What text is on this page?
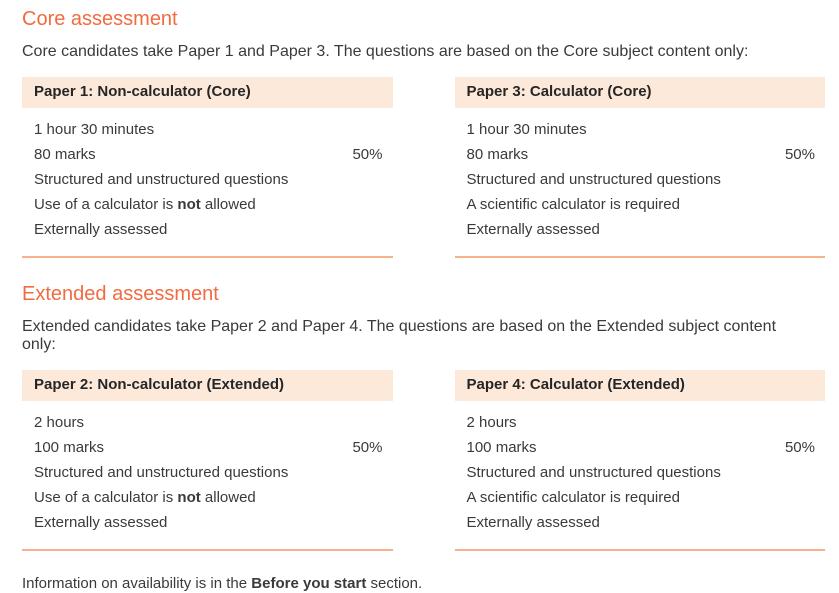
Core assessment

Core candidates take Paper 1 and Paper 3. The questions are based on the Core subject content only:

Paper 1: Non-calculator (Core)
1 hour 30 minutes
80 marks	50%
Structured and unstructured questions
Use of a calculator is not allowed
Externally assessed
Paper 3: Calculator (Core)
1 hour 30 minutes
80 marks	50%
Structured and unstructured questions
A scientific calculator is required
Externally assessed
Extended assessment

Extended candidates take Paper 2 and Paper 4. The questions are based on the Extended subject content
only:

Paper 2: Non-calculator (Extended)
2 hours
100 marks	50%
Structured and unstructured questions
Use of a calculator is not allowed
Externally assessed
Paper 4: Calculator (Extended)
2 hours
100 marks	50%
Structured and unstructured questions
A scientific calculator is required
Externally assessed

Information on availability is in the Before you start section.
